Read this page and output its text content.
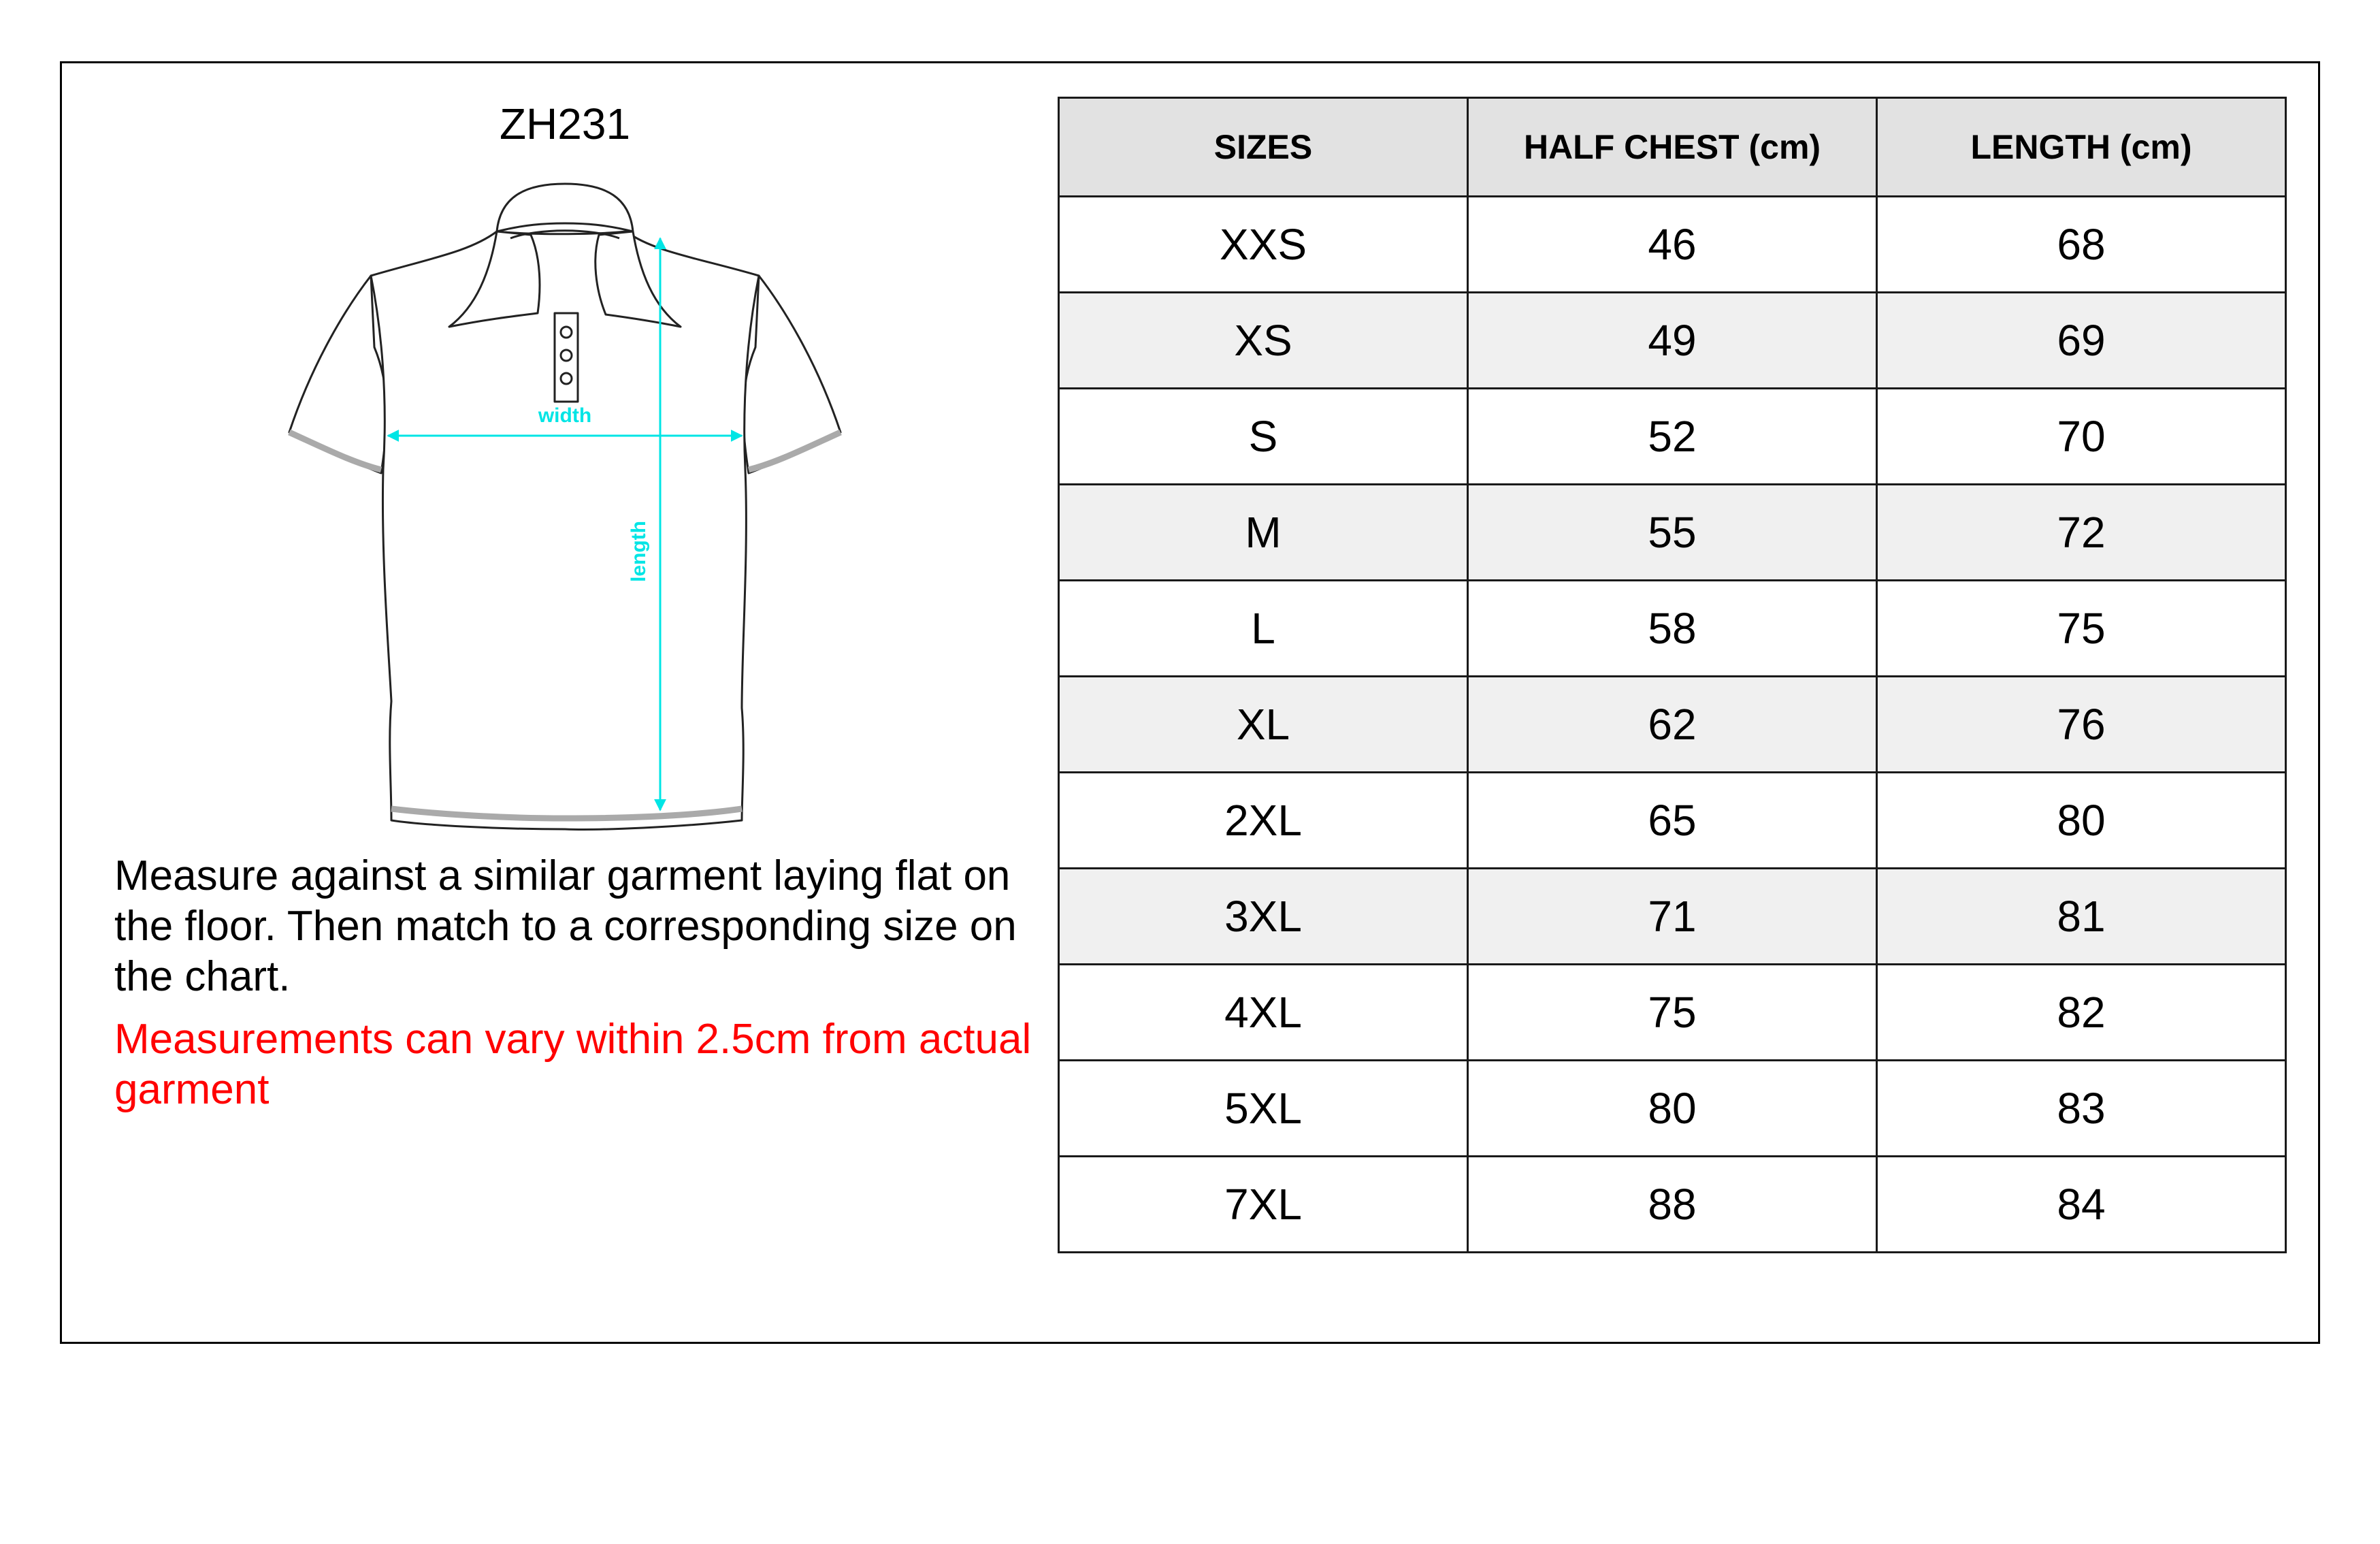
ZH231
width
length
Measure against a similar garment laying flat on the floor. Then match to a corresponding size on the chart.
Measurements can vary within 2.5cm from actual garment
SIZES	HALF CHEST (cm)	LENGTH (cm)
XXS	46	68
XS	49	69
S	52	70
M	55	72
L	58	75
XL	62	76
2XL	65	80
3XL	71	81
4XL	75	82
5XL	80	83
7XL	88	84
